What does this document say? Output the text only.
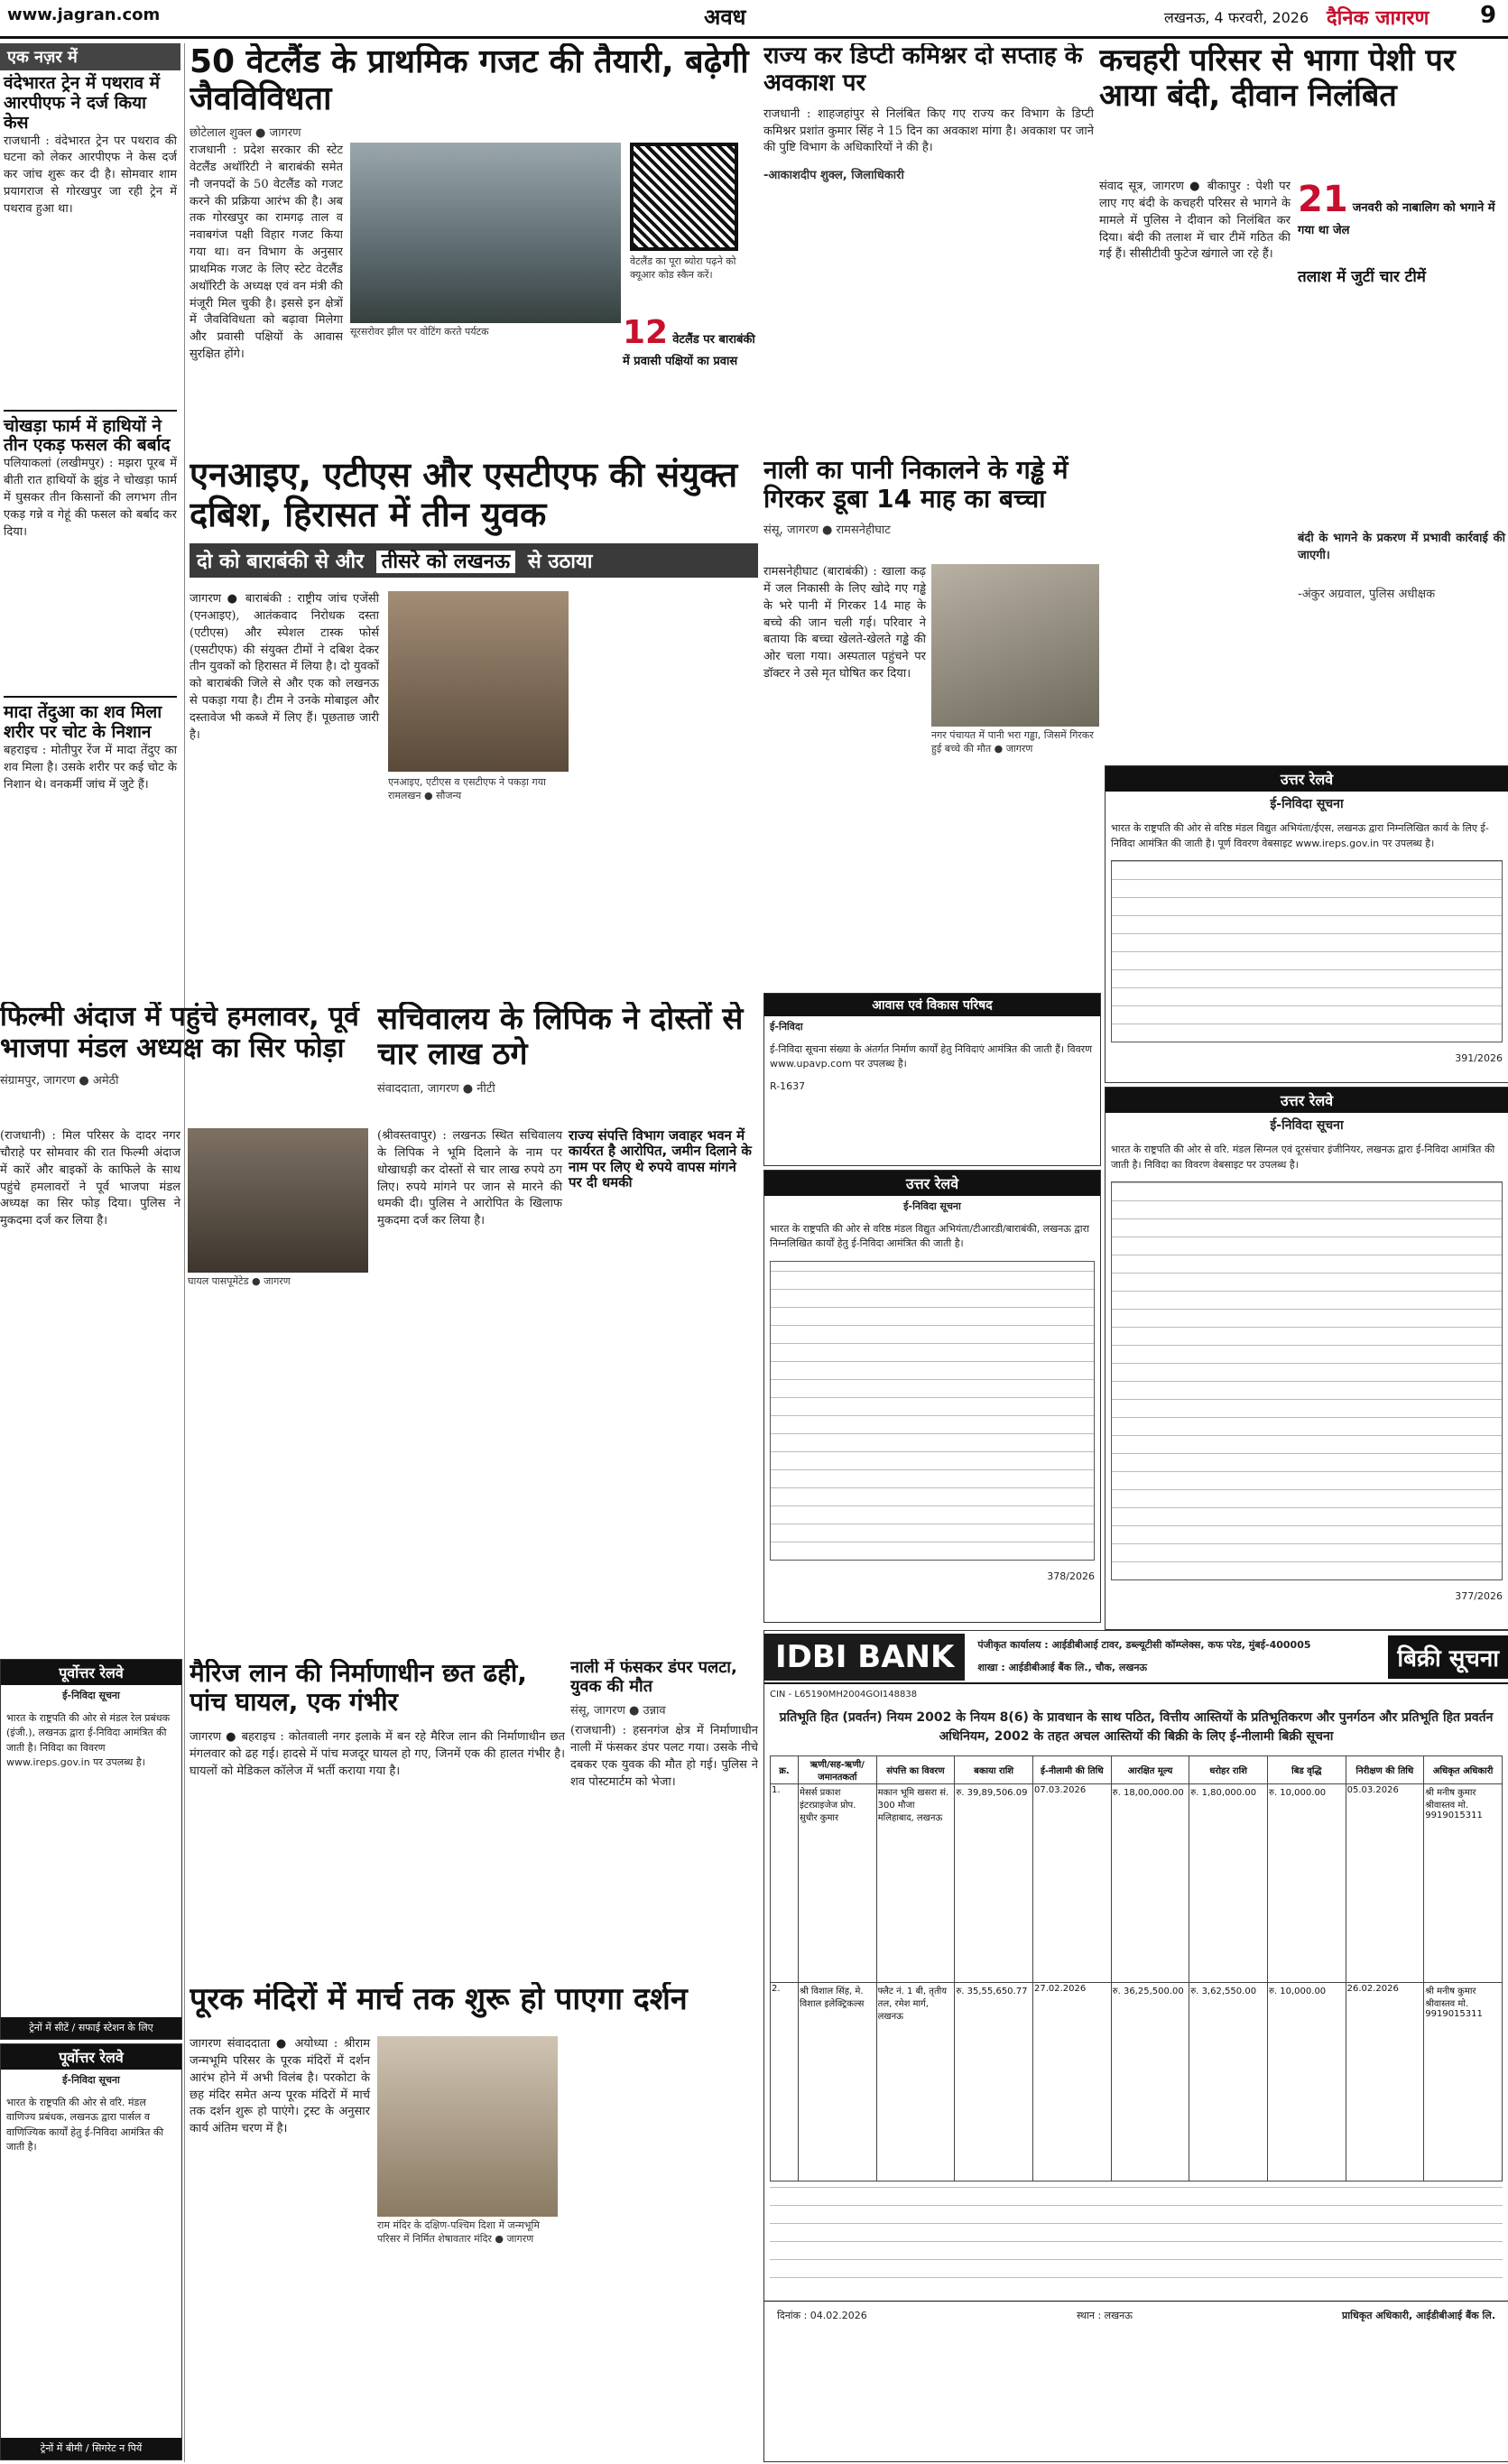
www.jagran.com	अवध	लखनऊ, 4 फरवरी, 2026 दैनिक जागरण 9
एक नज़र में
वंदेभारत ट्रेन में पथराव में आरपीएफ ने दर्ज किया केस
राजधानी : वंदेभारत ट्रेन पर पथराव की घटना को लेकर आरपीएफ ने केस दर्ज कर जांच शुरू कर दी है। सोमवार शाम प्रयागराज से गोरखपुर जा रही ट्रेन में पथराव हुआ था।
चोखड़ा फार्म में हाथियों ने तीन एकड़ फसल की बर्बाद
पलियाकलां (लखीमपुर) : मझरा पूरब में बीती रात हाथियों के झुंड ने चोखड़ा फार्म में घुसकर तीन किसानों की लगभग तीन एकड़ गन्ने व गेहूं की फसल को बर्बाद कर दिया।
मादा तेंदुआ का शव मिला शरीर पर चोट के निशान
बहराइच : मोतीपुर रेंज में मादा तेंदुए का शव मिला है। उसके शरीर पर कई चोट के निशान थे। वनकर्मी जांच में जुटे हैं।
50 वेटलैंड के प्राथमिक गजट की तैयारी, बढ़ेगी जैवविविधता
छोटेलाल शुक्ल ● जागरण
राजधानी : प्रदेश सरकार की स्टेट वेटलैंड अथॉरिटी ने बाराबंकी समेत नौ जनपदों के 50 वेटलैंड को गजट करने की प्रक्रिया आरंभ की है। अब तक गोरखपुर का रामगढ़ ताल व नवाबगंज पक्षी विहार गजट किया गया था। वन विभाग के अनुसार प्राथमिक गजट के लिए स्टेट वेटलैंड अथॉरिटी के अध्यक्ष एवं वन मंत्री की मंजूरी मिल चुकी है। इससे इन क्षेत्रों में जैवविविधता को बढ़ावा मिलेगा और प्रवासी पक्षियों के आवास सुरक्षित होंगे।
सूरसरोवर झील पर वोटिंग करते पर्यटक
वेटलैंड का पूरा ब्योरा पढ़ने को क्यूआर कोड स्कैन करें।
12 वेटलैंड पर बाराबंकी में प्रवासी पक्षियों का प्रवास
राज्य कर डिप्टी कमिश्नर दो सप्ताह के अवकाश पर
राजधानी : शाहजहांपुर से निलंबित किए गए राज्य कर विभाग के डिप्टी कमिश्नर प्रशांत कुमार सिंह ने 15 दिन का अवकाश मांगा है। अवकाश पर जाने की पुष्टि विभाग के अधिकारियों ने की है।
-आकाशदीप शुक्ल, जिलाधिकारी
कचहरी परिसर से भागा पेशी पर आया बंदी, दीवान निलंबित
21 जनवरी को नाबालिग को भगाने में गया था जेल
संवाद सूत्र, जागरण ● बीकापुर : पेशी पर लाए गए बंदी के कचहरी परिसर से भागने के मामले में पुलिस ने दीवान को निलंबित कर दिया। बंदी की तलाश में चार टीमें गठित की गई हैं। सीसीटीवी फुटेज खंगाले जा रहे हैं।
तलाश में जुटीं चार टीमें
बंदी के भागने के प्रकरण में प्रभावी कार्रवाई की जाएगी।
-अंकुर अग्रवाल, पुलिस अधीक्षक
एनआइए, एटीएस और एसटीएफ की संयुक्त दबिश, हिरासत में तीन युवक
दो को बाराबंकी से और तीसरे को लखनऊ से उठाया
जागरण ● बाराबंकी : राष्ट्रीय जांच एजेंसी (एनआइए), आतंकवाद निरोधक दस्ता (एटीएस) और स्पेशल टास्क फोर्स (एसटीएफ) की संयुक्त टीमों ने दबिश देकर तीन युवकों को हिरासत में लिया है। दो युवकों को बाराबंकी जिले से और एक को लखनऊ से पकड़ा गया है। टीम ने उनके मोबाइल और दस्तावेज भी कब्जे में लिए हैं। पूछताछ जारी है।
एनआइए, एटीएस व एसटीएफ ने पकड़ा गया रामलखन ● सौजन्य
नाली का पानी निकालने के गड्ढे में गिरकर डूबा 14 माह का बच्चा
संसू, जागरण ● रामसनेहीघाट
रामसनेहीघाट (बाराबंकी) : खाला कढ़ में जल निकासी के लिए खोदे गए गड्ढे के भरे पानी में गिरकर 14 माह के बच्चे की जान चली गई। परिवार ने बताया कि बच्चा खेलते-खेलते गड्ढे की ओर चला गया। अस्पताल पहुंचने पर डॉक्टर ने उसे मृत घोषित कर दिया।
नगर पंचायत में पानी भरा गड्ढा, जिसमें गिरकर हुई बच्चे की मौत ● जागरण
उत्तर रेलवे
ई-निविदा सूचना
भारत के राष्ट्रपति की ओर से वरिष्ठ मंडल विद्युत अभियंता/ईएस, लखनऊ द्वारा निम्नलिखित कार्य के लिए ई-निविदा आमंत्रित की जाती है। पूर्ण विवरण वेबसाइट www.ireps.gov.in पर उपलब्ध है।
391/2026
उत्तर रेलवे
ई-निविदा सूचना
भारत के राष्ट्रपति की ओर से वरि. मंडल सिग्नल एवं दूरसंचार इंजीनियर, लखनऊ द्वारा ई-निविदा आमंत्रित की जाती है। निविदा का विवरण वेबसाइट पर उपलब्ध है।
377/2026
आवास एवं विकास परिषद
ई-निविदा
ई-निविदा सूचना संख्या के अंतर्गत निर्माण कार्यों हेतु निविदाएं आमंत्रित की जाती हैं। विवरण www.upavp.com पर उपलब्ध है।
R-1637
उत्तर रेलवे
ई-निविदा सूचना
भारत के राष्ट्रपति की ओर से वरिष्ठ मंडल विद्युत अभियंता/टीआरडी/बाराबंकी, लखनऊ द्वारा निम्नलिखित कार्यों हेतु ई-निविदा आमंत्रित की जाती है।
378/2026
फिल्मी अंदाज में पहुंचे हमलावर, पूर्व भाजपा मंडल अध्यक्ष का सिर फोड़ा
संग्रामपुर, जागरण ● अमेठी
(राजधानी) : मिल परिसर के दादर नगर चौराहे पर सोमवार की रात फिल्मी अंदाज में कारें और बाइकों के काफिले के साथ पहुंचे हमलावरों ने पूर्व भाजपा मंडल अध्यक्ष का सिर फोड़ दिया। पुलिस ने मुकदमा दर्ज कर लिया है।
घायल पासपूमेंटेड ● जागरण
सचिवालय के लिपिक ने दोस्तों से चार लाख ठगे
संवाददाता, जागरण ● नीटी
(श्रीवस्तवापुर) : लखनऊ स्थित सचिवालय के लिपिक ने भूमि दिलाने के नाम पर धोखाधड़ी कर दोस्तों से चार लाख रुपये ठग लिए। रुपये मांगने पर जान से मारने की धमकी दी। पुलिस ने आरोपित के खिलाफ मुकदमा दर्ज कर लिया है।
राज्य संपत्ति विभाग जवाहर भवन में कार्यरत है आरोपित, जमीन दिलाने के नाम पर लिए थे रुपये वापस मांगने पर दी धमकी
पूर्वोत्तर रेलवे
ई-निविदा सूचना
भारत के राष्ट्रपति की ओर से मंडल रेल प्रबंधक (इंजी.), लखनऊ द्वारा ई-निविदा आमंत्रित की जाती है। निविदा का विवरण www.ireps.gov.in पर उपलब्ध है।
ट्रेनों में सीटें / सफाई स्टेशन के लिए
पूर्वोत्तर रेलवे
ई-निविदा सूचना
भारत के राष्ट्रपति की ओर से वरि. मंडल वाणिज्य प्रबंधक, लखनऊ द्वारा पार्सल व वाणिज्यिक कार्यों हेतु ई-निविदा आमंत्रित की जाती है।
ट्रेनों में बीमी / सिगरेट न पियें
मैरिज लान की निर्माणाधीन छत ढही, पांच घायल, एक गंभीर
जागरण ● बहराइच : कोतवाली नगर इलाके में बन रहे मैरिज लान की निर्माणाधीन छत मंगलवार को ढह गई। हादसे में पांच मजदूर घायल हो गए, जिनमें एक की हालत गंभीर है। घायलों को मेडिकल कॉलेज में भर्ती कराया गया है।
नाली में फंसकर डंपर पलटा, युवक की मौत
संसू, जागरण ● उन्नाव
(राजधानी) : हसनगंज क्षेत्र में निर्माणाधीन नाली में फंसकर डंपर पलट गया। उसके नीचे दबकर एक युवक की मौत हो गई। पुलिस ने शव पोस्टमार्टम को भेजा।
पूरक मंदिरों में मार्च तक शुरू हो पाएगा दर्शन
जागरण संवाददाता ● अयोध्या : श्रीराम जन्मभूमि परिसर के पूरक मंदिरों में दर्शन आरंभ होने में अभी विलंब है। परकोटा के छह मंदिर समेत अन्य पूरक मंदिरों में मार्च तक दर्शन शुरू हो पाएंगे। ट्रस्ट के अनुसार कार्य अंतिम चरण में है।
राम मंदिर के दक्षिण-पश्चिम दिशा में जन्मभूमि परिसर में निर्मित शेषावतार मंदिर ● जागरण
IDBI BANK	पंजीकृत कार्यालय : आईडीबीआई टावर, डब्ल्यूटीसी कॉम्प्लेक्स, कफ परेड, मुंबई-400005
शाखा : आईडीबीआई बैंक लि., चौक, लखनऊ	बिक्री सूचना
CIN - L65190MH2004GOI148838
प्रतिभूति हित (प्रवर्तन) नियम 2002 के नियम 8(6) के प्रावधान के साथ पठित, वित्तीय आस्तियों के प्रतिभूतिकरण और पुनर्गठन और प्रतिभूति हित प्रवर्तन अधिनियम, 2002 के तहत अचल आस्तियों की बिक्री के लिए ई-नीलामी बिक्री सूचना
क्र.	ऋणी/सह-ऋणी/जमानतकर्ता	संपत्ति का विवरण	बकाया राशि	ई-नीलामी की तिथि	आरक्षित मूल्य	धरोहर राशि	बिड वृद्धि	निरीक्षण की तिथि	अधिकृत अधिकारी
1.	मेसर्स प्रकाश इंटरप्राइजेज प्रोप. सुधीर कुमार	मकान भूमि खसरा सं. 300 मौजा मलिहाबाद, लखनऊ	रु. 39,89,506.09	07.03.2026	रु. 18,00,000.00	रु. 1,80,000.00	रु. 10,000.00	05.03.2026	श्री मनीष कुमार श्रीवास्तव मो. 9919015311
2.	श्री विशाल सिंह, मे. विशाल इलेक्ट्रिकल्स	फ्लैट नं. 1 बी, तृतीय तल, रमेश मार्ग, लखनऊ	रु. 35,55,650.77	27.02.2026	रु. 36,25,500.00	रु. 3,62,550.00	रु. 10,000.00	26.02.2026	श्री मनीष कुमार श्रीवास्तव मो. 9919015311
दिनांक : 04.02.2026	स्थान : लखनऊ	प्राधिकृत अधिकारी, आईडीबीआई बैंक लि.
